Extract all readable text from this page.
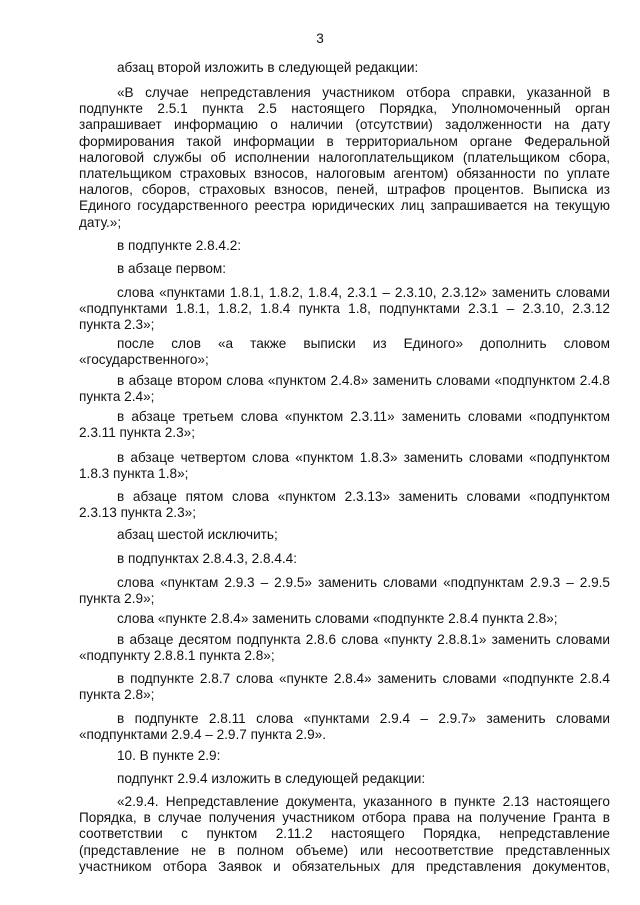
3

абзац второй изложить в следующей редакции:

«В случае непредставления участником отбора справки, указанной в подпункте 2.5.1 пункта 2.5 настоящего Порядка, Уполномоченный орган запрашивает информацию о наличии (отсутствии) задолженности на дату формирования такой информации в территориальном органе Федеральной налоговой службы об исполнении налогоплательщиком (плательщиком сбора, плательщиком страховых взносов, налоговым агентом) обязанности по уплате налогов, сборов, страховых взносов, пеней, штрафов процентов. Выписка из Единого государственного реестра юридических лиц запрашивается на текущую дату.»;

в подпункте 2.8.4.2:

в абзаце первом:

слова «пунктами 1.8.1, 1.8.2, 1.8.4, 2.3.1 – 2.3.10, 2.3.12» заменить словами «подпунктами 1.8.1, 1.8.2, 1.8.4 пункта 1.8, подпунктами 2.3.1 – 2.3.10, 2.3.12 пункта 2.3»;

после слов «а также выписки из Единого» дополнить словом «государственного»;

в абзаце втором слова «пунктом 2.4.8» заменить словами «подпунктом 2.4.8 пункта 2.4»;

в абзаце третьем слова «пунктом 2.3.11» заменить словами «подпунктом 2.3.11 пункта 2.3»;

в абзаце четвертом слова «пунктом 1.8.3» заменить словами «подпунктом 1.8.3 пункта 1.8»;

в абзаце пятом слова «пунктом 2.3.13» заменить словами «подпунктом 2.3.13 пункта 2.3»;

абзац шестой исключить;

в подпунктах 2.8.4.3, 2.8.4.4:

слова «пунктам 2.9.3 – 2.9.5» заменить словами «подпунктам 2.9.3 – 2.9.5 пункта 2.9»;

слова «пункте 2.8.4» заменить словами «подпункте 2.8.4 пункта 2.8»;

в абзаце десятом подпункта 2.8.6 слова «пункту 2.8.8.1» заменить словами «подпункту 2.8.8.1 пункта 2.8»;

в подпункте 2.8.7 слова «пункте 2.8.4» заменить словами «подпункте 2.8.4 пункта 2.8»;

в подпункте 2.8.11 слова «пунктами 2.9.4 – 2.9.7» заменить словами «подпунктами 2.9.4 – 2.9.7 пункта 2.9».

10. В пункте 2.9:

подпункт 2.9.4 изложить в следующей редакции:

«2.9.4. Непредставление документа, указанного в пункте 2.13 настоящего Порядка, в случае получения участником отбора права на получение Гранта в соответствии с пунктом 2.11.2 настоящего Порядка, непредставление (представление не в полном объеме) или несоответствие представленных участником отбора Заявок и обязательных для представления документов,
